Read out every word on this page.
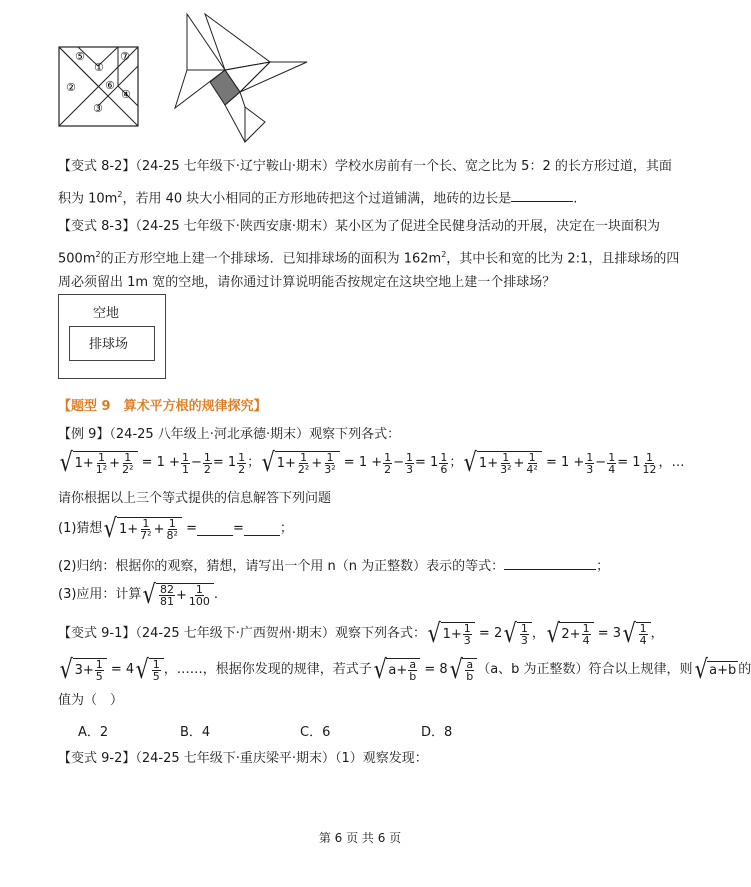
⑤
①
⑦
②	⑥
④
③
【变式 8-2】（24-25 七年级下·辽宁鞍山·期末）学校水房前有一个长、宽之比为 5：2 的长方形过道，其面
积为 $10m^2$，若用 40 块大小相同的正方形地砖把这个过道铺满，地砖的边长是	.
【变式 8-3】（24-25 七年级下·陕西安康·期末）某小区为了促进全民健身活动的开展，决定在一块面积为
$500m^2$的正方形空地上建一个排球场．已知排球场的面积为 $162m^2$，其中长和宽的比为 2:1，且排球场的四
周必须留出 1m 宽的空地，请你通过计算说明能否按规定在这块空地上建一个排球场？
空地
排球场
【题型 9　算术平方根的规律探究】
【例 9】（24-25 八年级上·河北承德·期末）观察下列各式：
√ $1+ \frac{1}{\text{1²}} + \frac{1}{\text{2²}} = 1 + \frac{1}{1} - \frac{1}{2} = 1 \frac{1}{2}$ ； √ $1+ \frac{1}{\text{2²}} + \frac{1}{\text{3²}} = 1 + \frac{1}{2} - \frac{1}{3} = 1 \frac{1}{6}$ ； √ $1+ \frac{1}{\text{3²}} + \frac{1}{\text{4²}} = 1 + \frac{1}{3} - \frac{1}{4} = 1 \frac{1}{12}$ ，…
请你根据以上三个等式提供的信息解答下列问题
(1)猜想 √ $1+ \frac{1}{\text{7²}} + \frac{1}{\text{8²}}$
=	=	；
(2)归纳：根据你的观察，猜想，请写出一个用 n（n 为正整数）表示的等式：	；
(3)应用：计算 √ $\frac{82}{81} + \frac{1}{100}$ .
【变式 9-1】（24-25 七年级下·广西贺州·期末）观察下列各式： √ $1+ \frac{1}{3} = 2$ √ $\frac{1}{3}$ ， √ $2+ \frac{1}{4} = 3$ √ $\frac{1}{4}$ ，
√ $3+ \frac{1}{5} = 4$ √ $\frac{1}{5}$ ，……，根据你发现的规律，若式子 √ $a+ \frac{a}{b} = 8$ √ $\frac{a}{b} (a$、b 为正整数）符合以上规律，则 √ a+b 的
值为（　）
A．2	B．4	C．6	D．8
【变式 9-2】（24-25 七年级下·重庆梁平·期末）（1）观察发现：
第 6 页 共 6 页
